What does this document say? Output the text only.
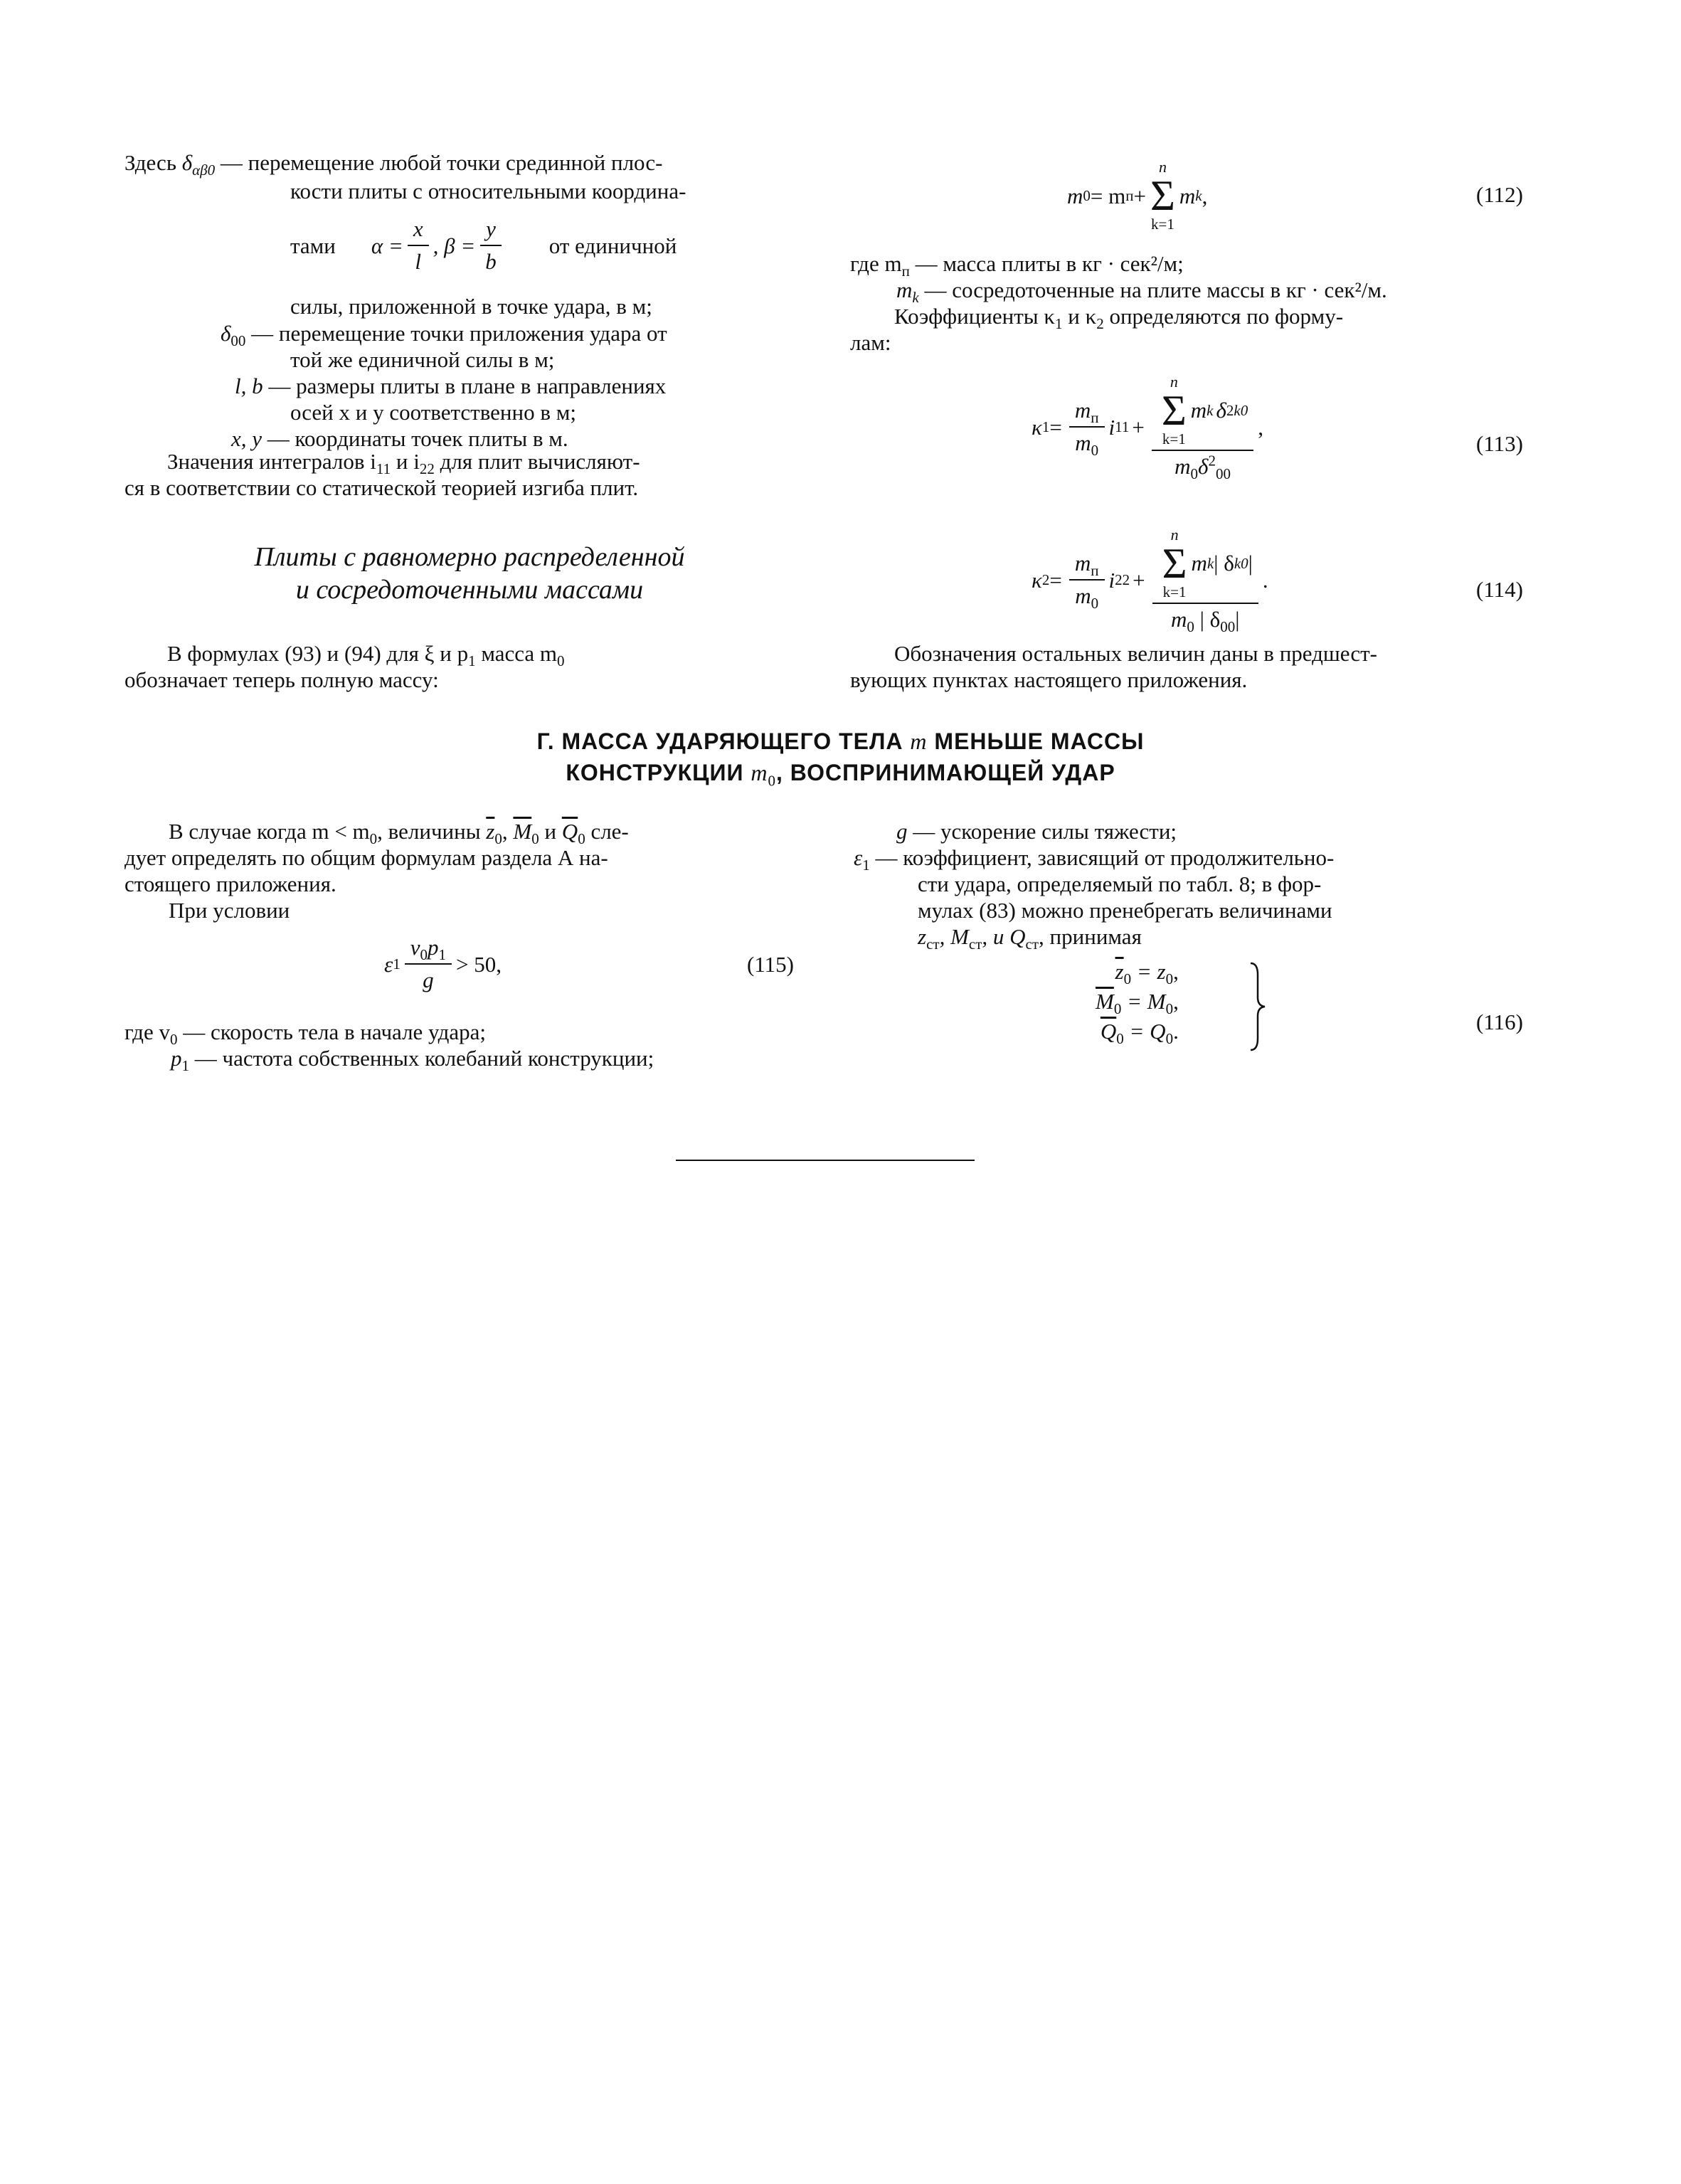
Здесь $\delta_{\alpha\beta 0}$ — перемещение любой точки срединной плос-
кости плиты с относительными координа-
тами $\alpha = \frac{x}{l}$ , $\beta = \frac{y}{b}$ от единичной
силы, приложенной в точке удара, в м;
$\delta_{00}$ — перемещение точки приложения удара от
той же единичной силы в м;
l, b — размеры плиты в плане в направлениях
осей x и y соответственно в м;
x, y — координаты точек плиты в м.
Значения интегралов $i_{11}$ и $i_{22}$ для плит вычисляют-
ся в соответствии со статической теорией изгиба плит.
Плиты с равномерно распределенной
и сосредоточенными массами
В формулах (93) и (94) для ξ и $p_1$ масса $m_0$
обозначает теперь полную массу:
m 0 = m п +
n
Σ
k=1
m k ,	(112)
где $m_п$ — масса плиты в кг · сек²/м;
$m_k$ — сосредоточенные на плите массы в кг · сек²/м.
Коэффициенты $\kappa_1$ и $\kappa_2$ определяются по форму-
лам:
κ $1 = \frac{m_п}{m_0}$ i 11 + n
Σ
k=1
m k δ 2 k0
$m_0\delta^2_{00}$ ,
(113)
κ $2 = \frac{m_п}{m_0}$ i 22 + n
Σ
k=1
m k | δ k0 |
$m_0$ | $\delta_{00}|$ .	(114)
Обозначения остальных величин даны в предшест-
вующих пунктах настоящего приложения.
Г. МАССА УДАРЯЮЩЕГО ТЕЛА m МЕНЬШЕ МАССЫ
КОНСТРУКЦИИ $m_0$, ВОСПРИНИМАЮЩЕЙ УДАР
В случае когда $m < m_0$, величины $\overline{z}_0$, $\overline{M}_0$ и $\overline{Q}_0$ сле-
дует определять по общим формулам раздела А на-
стоящего приложения.
При условии
ε $1 \frac{v_0p_1}{g} > 50$,	(115)
где $v_0$ — скорость тела в начале удара;
$p_1$ — частота собственных колебаний конструкции;
g — ускорение силы тяжести;
$\varepsilon_1$ — коэффициент, зависящий от продолжительно-
сти удара, определяемый по табл. 8; в фор-
мулах (83) можно пренебрегать величинами
$z_{ст}$, $M_{ст}$, и $Q_{ст}$, принимая
$\overline{z}_0 = z_0$,
$\overline{M}_0 = M_0$,
$\overline{Q}_0 = Q_0$.	(116)
